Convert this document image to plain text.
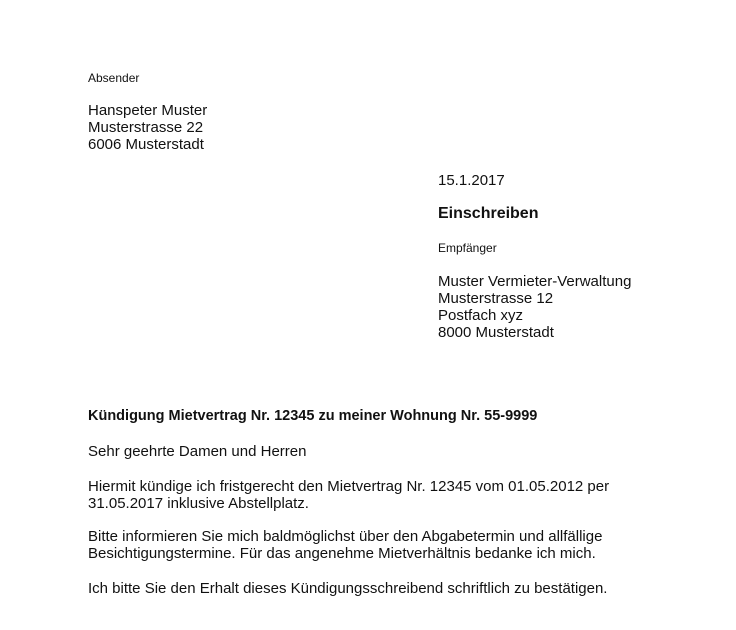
Absender
Hanspeter Muster
Musterstrasse 22
6006 Musterstadt
15.1.2017
Einschreiben
Empfänger
Muster Vermieter-Verwaltung
Musterstrasse 12
Postfach xyz
8000 Musterstadt
Kündigung Mietvertrag Nr. 12345 zu meiner Wohnung Nr. 55-9999
Sehr geehrte Damen und Herren
Hiermit kündige ich fristgerecht den Mietvertrag Nr. 12345 vom 01.05.2012 per
31.05.2017 inklusive Abstellplatz.
Bitte informieren Sie mich baldmöglichst über den Abgabetermin und allfällige
Besichtigungstermine. Für das angenehme Mietverhältnis bedanke ich mich.
Ich bitte Sie den Erhalt dieses Kündigungsschreibend schriftlich zu bestätigen.
